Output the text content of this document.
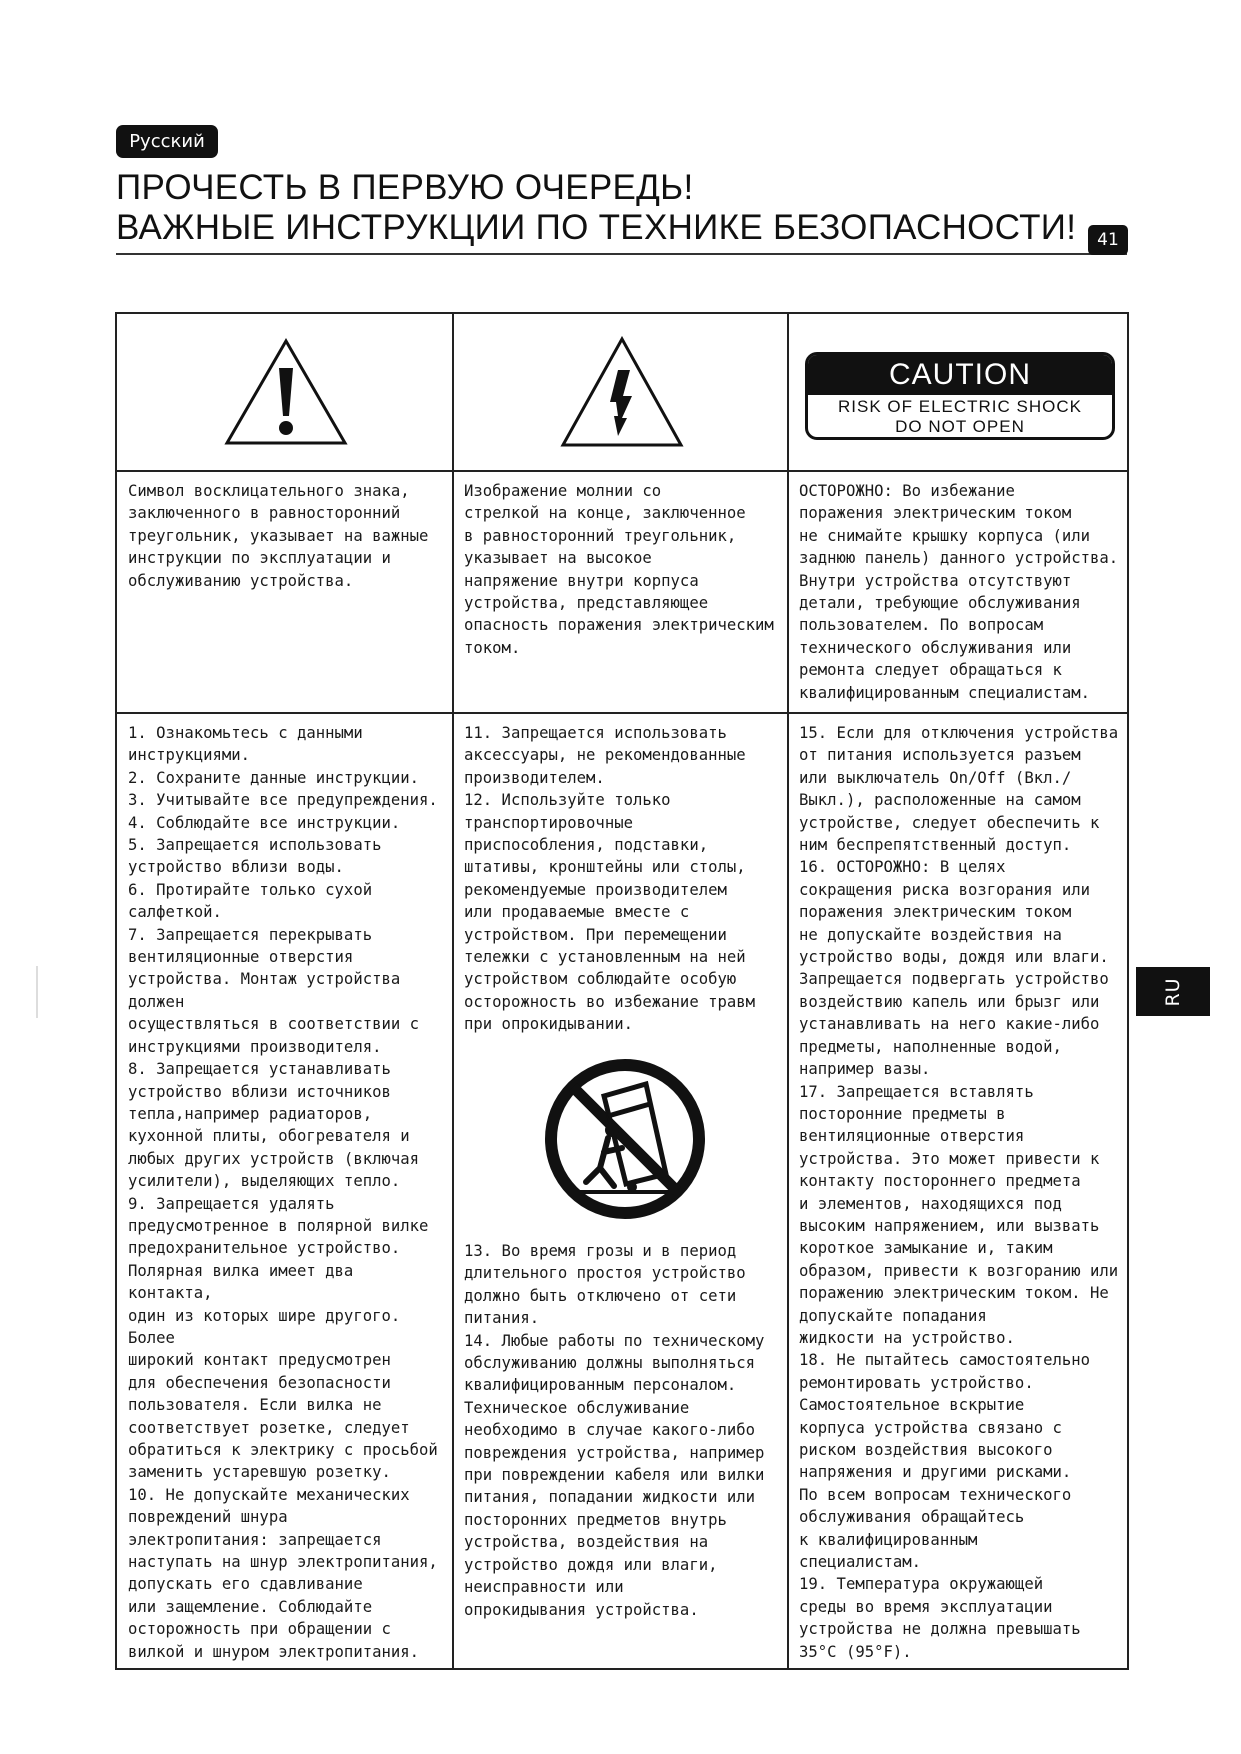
Русский
ПРОЧЕСТЬ В ПЕРВУЮ ОЧЕРЕДЬ!
ВАЖНЫЕ ИНСТРУКЦИИ ПО ТЕХНИКЕ БЕЗОПАСНОСТИ!	41
RU
CAUTION
RISK OF ELECTRIC SHOCK
DO NOT OPEN

Символ восклицательного знака,
заключенного в равносторонний
треугольник, указывает на важные
инструкции по эксплуатации и
обслуживанию устройства.

Изображение молнии со
стрелкой на конце, заключенное
в равносторонний треугольник,
указывает на высокое
напряжение внутри корпуса
устройства, представляющее
опасность поражения электрическим
током.

ОСТОРОЖНО: Во избежание
поражения электрическим током
не снимайте крышку корпуса (или
заднюю панель) данного устройства.
Внутри устройства отсутствуют
детали, требующие обслуживания
пользователем. По вопросам
технического обслуживания или
ремонта следует обращаться к
квалифицированным специалистам.

1. Ознакомьтесь с данными
инструкциями.
2. Сохраните данные инструкции.
3. Учитывайте все предупреждения.
4. Соблюдайте все инструкции.
5. Запрещается использовать
устройство вблизи воды.
6. Протирайте только сухой
салфеткой.
7. Запрещается перекрывать
вентиляционные отверстия
устройства. Монтаж устройства
должен
осуществляться в соответствии с
инструкциями производителя.
8. Запрещается устанавливать
устройство вблизи источников
тепла,например радиаторов,
кухонной плиты, обогревателя и
любых других устройств (включая
усилители), выделяющих тепло.
9. Запрещается удалять
предусмотренное в полярной вилке
предохранительное устройство.
Полярная вилка имеет два контакта,
один из которых шире другого. Более
широкий контакт предусмотрен
для обеспечения безопасности
пользователя. Если вилка не
соответствует розетке, следует
обратиться к электрику с просьбой
заменить устаревшую розетку.
10. Не допускайте механических
повреждений шнура
электропитания: запрещается
наступать на шнур электропитания,
допускать его сдавливание
или защемление. Соблюдайте
осторожность при обращении с
вилкой и шнуром электропитания.

11. Запрещается использовать
аксессуары, не рекомендованные
производителем.
12. Используйте только
транспортировочные
приспособления, подставки,
штативы, кронштейны или столы,
рекомендуемые производителем
или продаваемые вместе с
устройством. При перемещении
тележки с установленным на ней
устройством соблюдайте особую
осторожность во избежание травм
при опрокидывании.

13. Во время грозы и в период
длительного простоя устройство
должно быть отключено от сети
питания.
14. Любые работы по техническому
обслуживанию должны выполняться
квалифицированным персоналом.
Техническое обслуживание
необходимо в случае какого-либо
повреждения устройства, например
при повреждении кабеля или вилки
питания, попадании жидкости или
посторонних предметов внутрь
устройства, воздействия на
устройство дождя или влаги,
неисправности или
опрокидывания устройства.

15. Если для отключения устройства
от питания используется разъем
или выключатель On/Off (Вкл./
Выкл.), расположенные на самом
устройстве, следует обеспечить к
ним беспрепятственный доступ.
16. ОСТОРОЖНО: В целях
сокращения риска возгорания или
поражения электрическим током
не допускайте воздействия на
устройство воды, дождя или влаги.
Запрещается подвергать устройство
воздействию капель или брызг или
устанавливать на него какие-либо
предметы, наполненные водой,
например вазы.
17. Запрещается вставлять
посторонние предметы в
вентиляционные отверстия
устройства. Это может привести к
контакту постороннего предмета
и элементов, находящихся под
высоким напряжением, или вызвать
короткое замыкание и, таким
образом, привести к возгоранию или
поражению электрическим током. Не
допускайте попадания
жидкости на устройство.
18. Не пытайтесь самостоятельно
ремонтировать устройство.
Самостоятельное вскрытие
корпуса устройства связано с
риском воздействия высокого
напряжения и другими рисками.
По всем вопросам технического
обслуживания обращайтесь
к квалифицированным
специалистам.
19. Температура окружающей
среды во время эксплуатации
устройства не должна превышать
35°C (95°F).
